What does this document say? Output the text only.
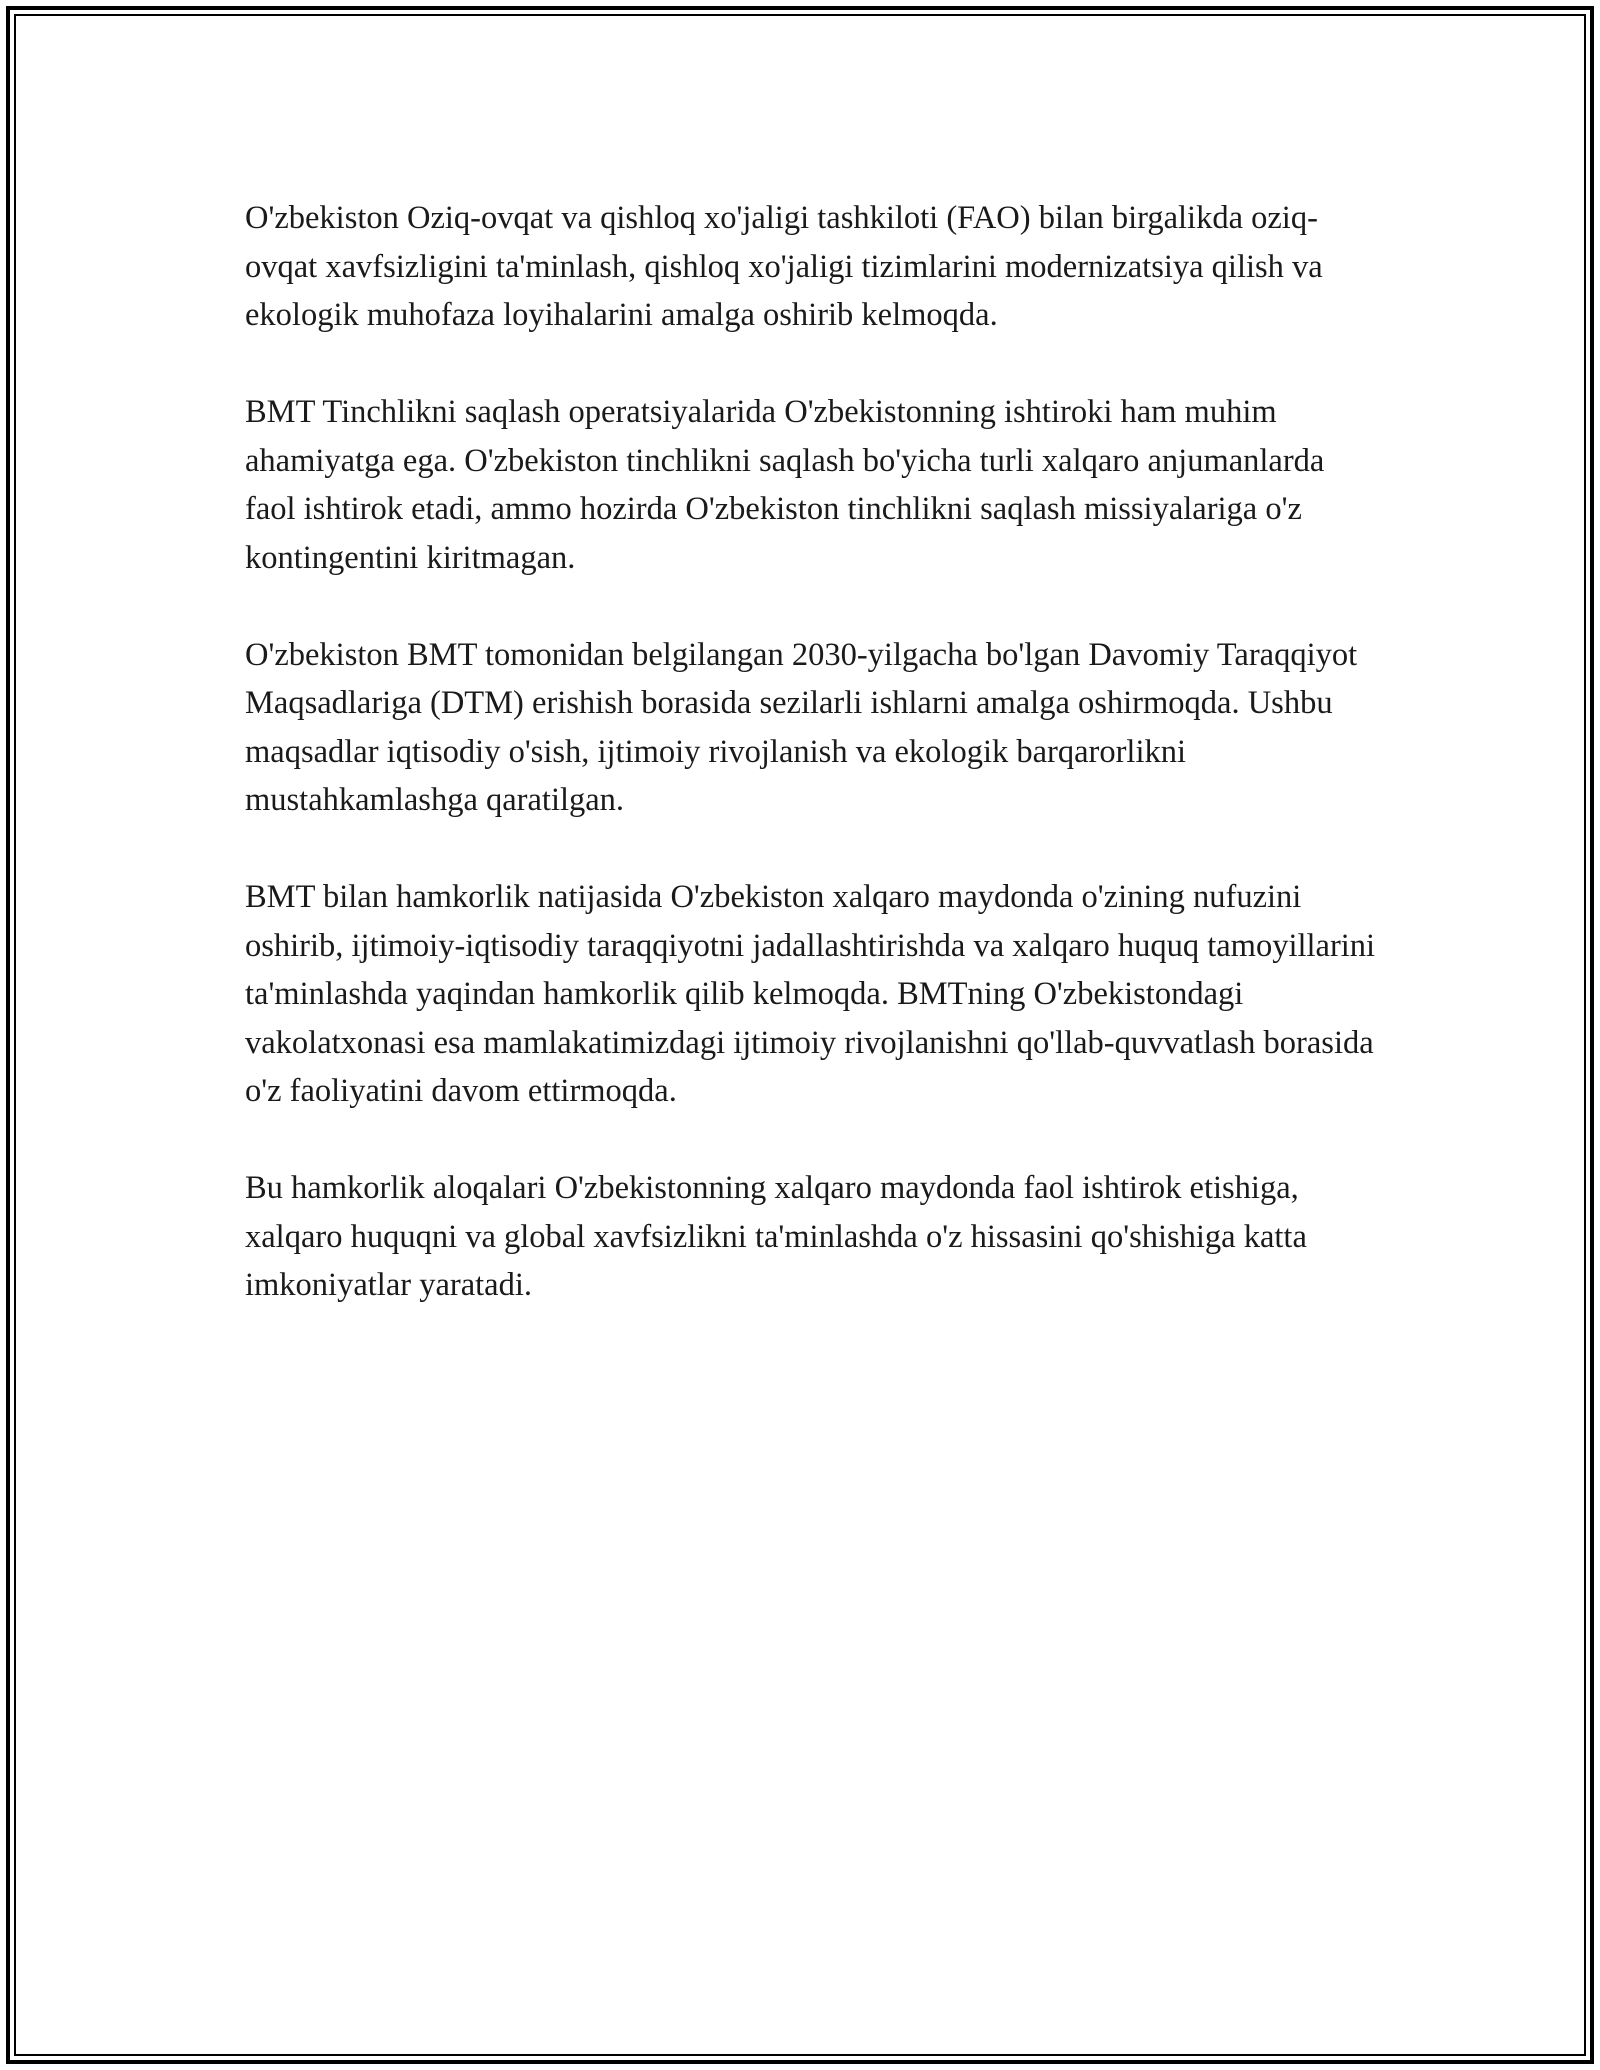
O'zbekiston Oziq-ovqat va qishloq xo'jaligi tashkiloti (FAO) bilan birgalikda oziq-ovqat xavfsizligini ta'minlash, qishloq xo'jaligi tizimlarini modernizatsiya qilish va ekologik muhofaza loyihalarini amalga oshirib kelmoqda.

BMT Tinchlikni saqlash operatsiyalarida O'zbekistonning ishtiroki ham muhim ahamiyatga ega. O'zbekiston tinchlikni saqlash bo'yicha turli xalqaro anjumanlarda faol ishtirok etadi, ammo hozirda O'zbekiston tinchlikni saqlash missiyalariga o'z kontingentini kiritmagan.

O'zbekiston BMT tomonidan belgilangan 2030-yilgacha bo'lgan Davomiy Taraqqiyot Maqsadlariga (DTM) erishish borasida sezilarli ishlarni amalga oshirmoqda. Ushbu maqsadlar iqtisodiy o'sish, ijtimoiy rivojlanish va ekologik barqarorlikni mustahkamlashga qaratilgan.

BMT bilan hamkorlik natijasida O'zbekiston xalqaro maydonda o'zining nufuzini oshirib, ijtimoiy-iqtisodiy taraqqiyotni jadallashtirishda va xalqaro huquq tamoyillarini ta'minlashda yaqindan hamkorlik qilib kelmoqda. BMTning O'zbekistondagi vakolatxonasi esa mamlakatimizdagi ijtimoiy rivojlanishni qo'llab-quvvatlash borasida o'z faoliyatini davom ettirmoqda.

Bu hamkorlik aloqalari O'zbekistonning xalqaro maydonda faol ishtirok etishiga, xalqaro huquqni va global xavfsizlikni ta'minlashda o'z hissasini qo'shishiga katta imkoniyatlar yaratadi.
